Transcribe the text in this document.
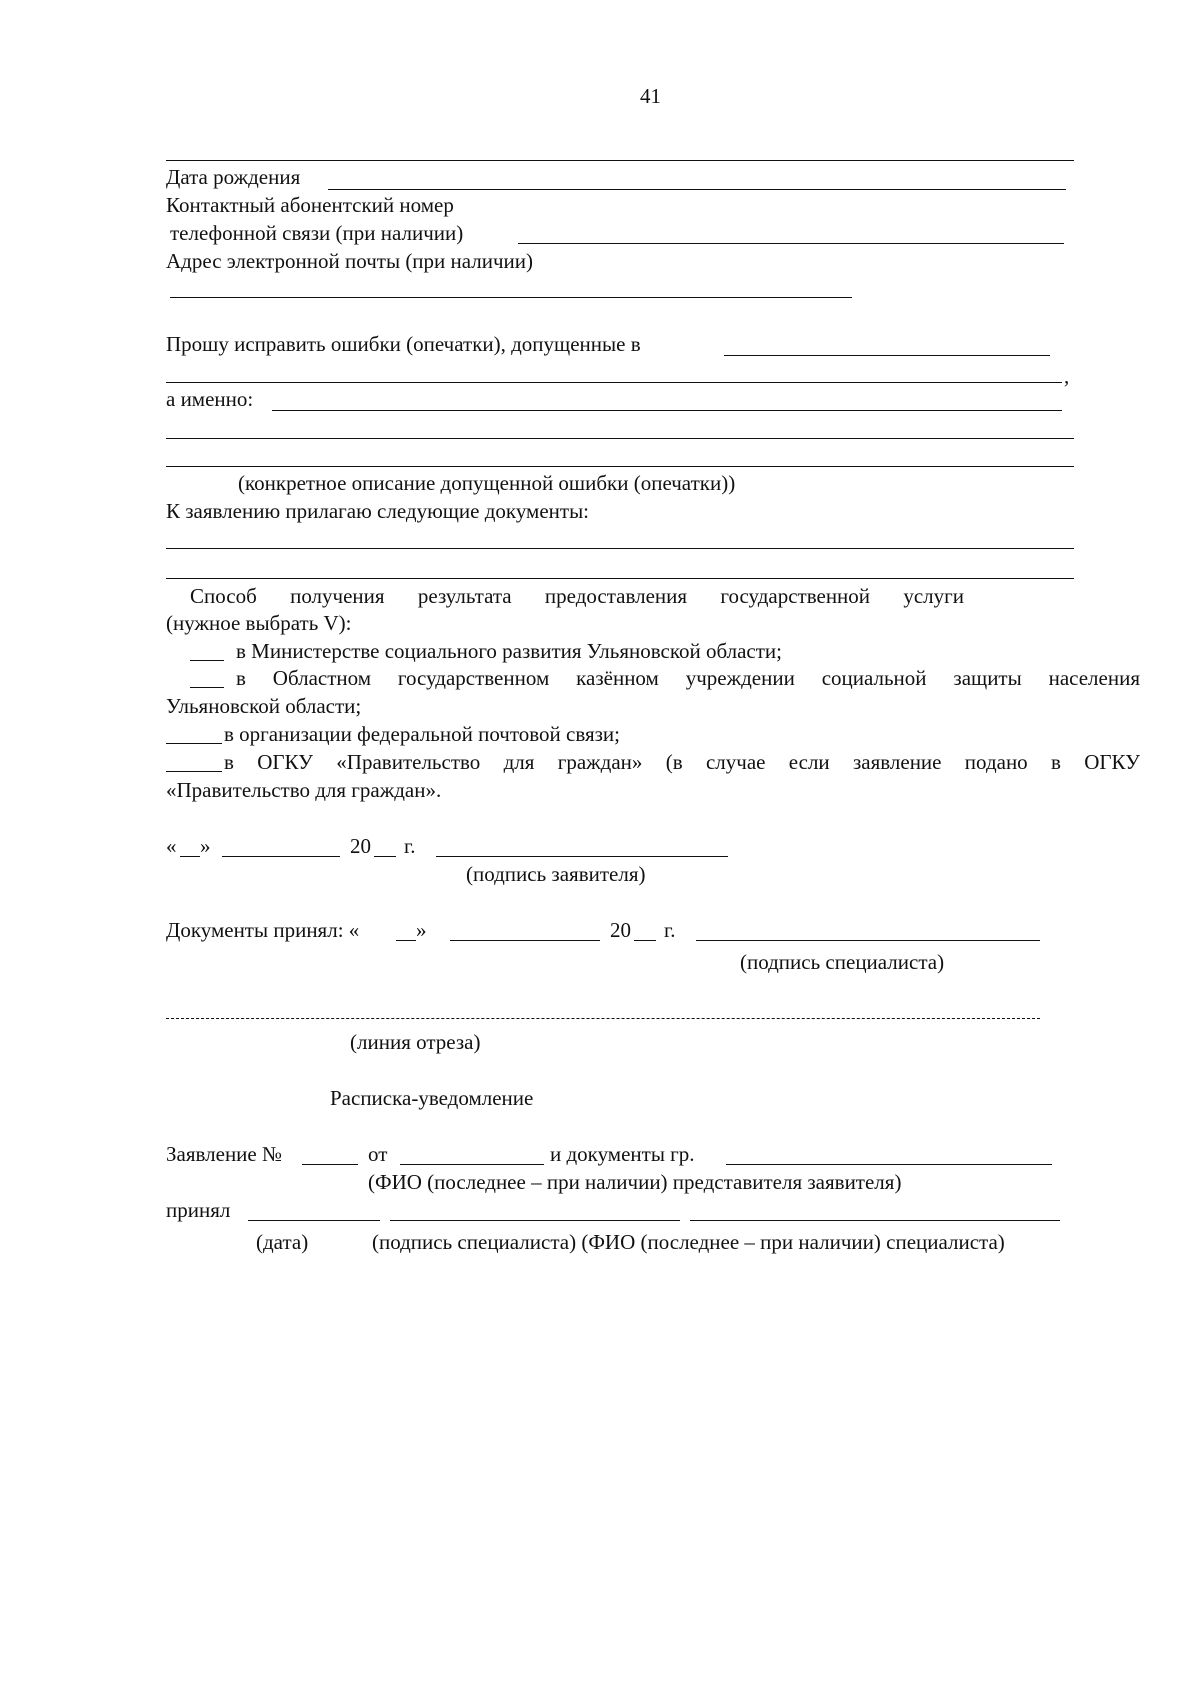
41
Дата рождения
Контактный абонентский номер
телефонной связи (при наличии)
Адрес электронной почты (при наличии)
Прошу исправить ошибки (опечатки), допущенные в
,
а именно:
(конкретное описание допущенной ошибки (опечатки))
К заявлению прилагаю следующие документы:
Способ получения результата предоставления государственной услуги
(нужное выбрать V):
в Министерстве социального развития Ульяновской области;
в Областном государственном казённом учреждении социальной защиты населения
Ульяновской области;
в организации федеральной почтовой связи;
в ОГКУ «Правительство для граждан» (в случае если заявление подано в ОГКУ
«Правительство для граждан».
« »	20 г.
(подпись заявителя)
Документы принял: «	»	20 г.
(подпись специалиста)
(линия отреза)
Расписка-уведомление
Заявление №	от	и документы гр.
(ФИО (последнее – при наличии) представителя заявителя)
принял
(дата)	(подпись специалиста) (ФИО (последнее – при наличии) специалиста)
